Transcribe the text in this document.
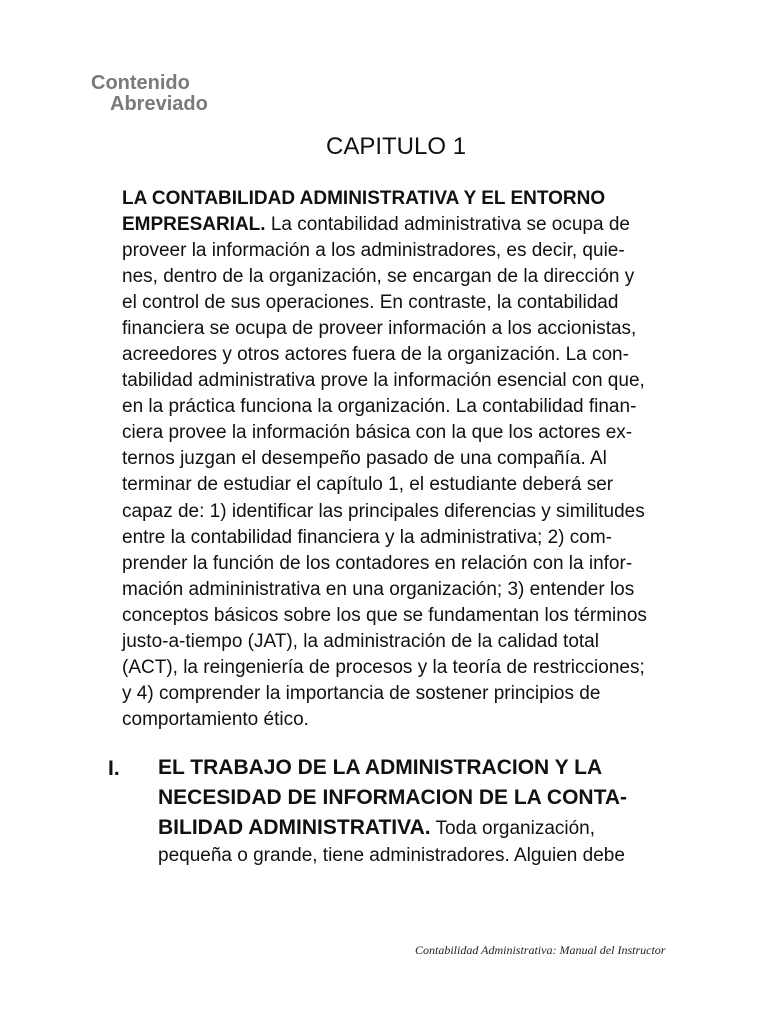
Contenido
Abreviado
CAPITULO 1
LA CONTABILIDAD ADMINISTRATIVA Y EL ENTORNO
EMPRESARIAL. La contabilidad administrativa se ocupa de
proveer la información a los administradores, es decir, quie-
nes, dentro de la organización, se encargan de la dirección y
el control de sus operaciones. En contraste, la contabilidad
financiera se ocupa de proveer información a los accionistas,
acreedores y otros actores fuera de la organización. La con-
tabilidad administrativa prove la información esencial con que,
en la práctica funciona la organización. La contabilidad finan-
ciera provee la información básica con la que los actores ex-
ternos juzgan el desempeño pasado de una compañía. Al
terminar de estudiar el capítulo 1, el estudiante deberá ser
capaz de: 1) identificar las principales diferencias y similitudes
entre la contabilidad financiera y la administrativa; 2) com-
prender la función de los contadores en relación con la infor-
mación admininistrativa en una organización; 3) entender los
conceptos básicos sobre los que se fundamentan los términos
justo-a-tiempo (JAT), la administración de la calidad total
(ACT), la reingeniería de procesos y la teoría de restricciones;
y 4) comprender la importancia de sostener principios de
comportamiento ético.
I. EL TRABAJO DE LA ADMINISTRACION Y LA
NECESIDAD DE INFORMACION DE LA CONTA-
BILIDAD ADMINISTRATIVA. Toda organización,
pequeña o grande, tiene administradores. Alguien debe
Contabilidad Administrativa: Manual del Instructor
